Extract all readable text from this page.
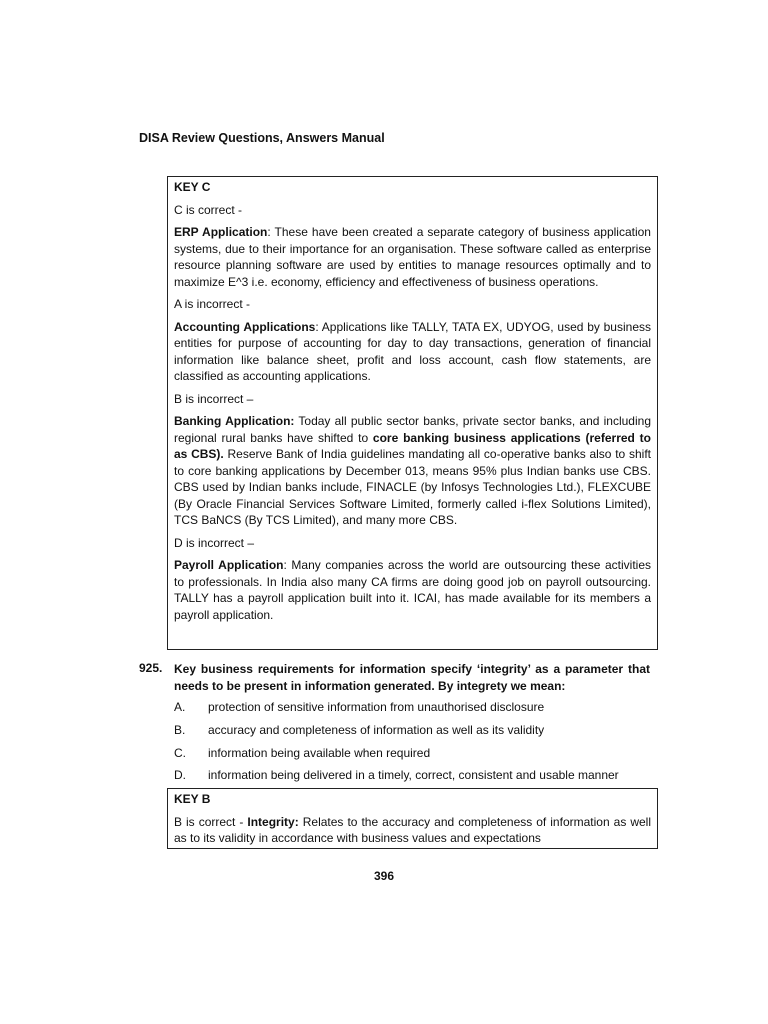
DISA Review Questions, Answers Manual

KEY C

C is correct -

ERP Application: These have been created a separate category of business application systems, due to their importance for an organisation. These software called as enterprise resource planning software are used by entities to manage resources optimally and to maximize E^3 i.e. economy, efficiency and effectiveness of business operations.

A is incorrect -

Accounting Applications: Applications like TALLY, TATA EX, UDYOG, used by business entities for purpose of accounting for day to day transactions, generation of financial information like balance sheet, profit and loss account, cash flow statements, are classified as accounting applications.

B is incorrect –

Banking Application: Today all public sector banks, private sector banks, and including regional rural banks have shifted to core banking business applications (referred to as CBS). Reserve Bank of India guidelines mandating all co-operative banks also to shift to core banking applications by December 013, means 95% plus Indian banks use CBS. CBS used by Indian banks include, FINACLE (by Infosys Technologies Ltd.), FLEXCUBE (By Oracle Financial Services Software Limited, formerly called i-flex Solutions Limited), TCS BaNCS (By TCS Limited), and many more CBS.

D is incorrect –

Payroll Application: Many companies across the world are outsourcing these activities to professionals. In India also many CA firms are doing good job on payroll outsourcing. TALLY has a payroll application built into it. ICAI, has made available for its members a payroll application.

925. Key business requirements for information specify ‘integrity’ as a parameter that needs to be present in information generated. By integrety we mean:
A. protection of sensitive information from unauthorised disclosure
B. accuracy and completeness of information as well as its validity
C. information being available when required
D. information being delivered in a timely, correct, consistent and usable manner

KEY B

B is correct - Integrity: Relates to the accuracy and completeness of information as well as to its validity in accordance with business values and expectations

396
